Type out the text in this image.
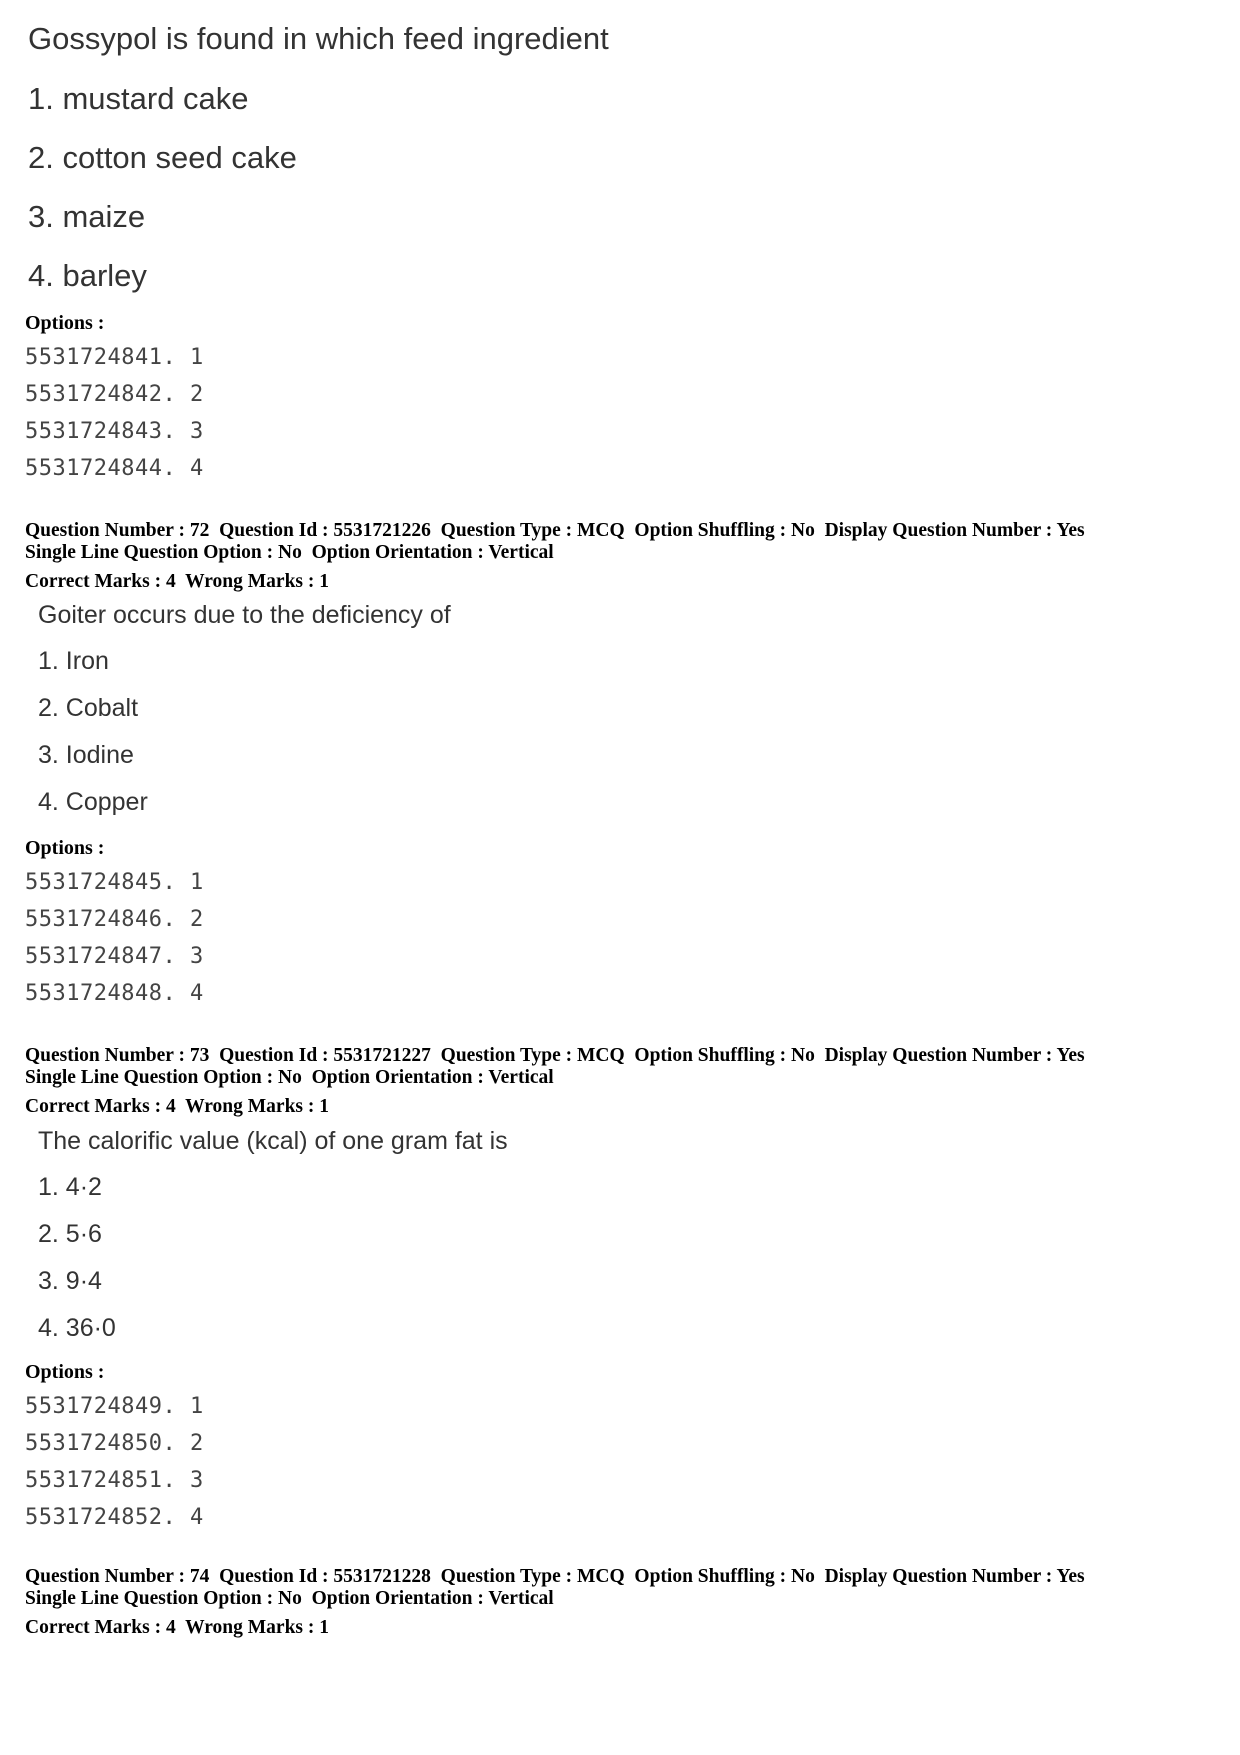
Gossypol is found in which feed ingredient

1. mustard cake

2. cotton seed cake

3. maize

4. barley

Options :

5531724841. 1

5531724842. 2

5531724843. 3

5531724844. 4

Question Number : 72  Question Id : 5531721226  Question Type : MCQ  Option Shuffling : No  Display Question Number : Yes

Single Line Question Option : No  Option Orientation : Vertical

Correct Marks : 4  Wrong Marks : 1

Goiter occurs due to the deficiency of

1. Iron

2. Cobalt

3. Iodine

4. Copper

Options :

5531724845. 1

5531724846. 2

5531724847. 3

5531724848. 4

Question Number : 73  Question Id : 5531721227  Question Type : MCQ  Option Shuffling : No  Display Question Number : Yes

Single Line Question Option : No  Option Orientation : Vertical

Correct Marks : 4  Wrong Marks : 1

The calorific value (kcal) of one gram fat is

1. 4·2

2. 5·6

3. 9·4

4. 36·0

Options :

5531724849. 1

5531724850. 2

5531724851. 3

5531724852. 4

Question Number : 74  Question Id : 5531721228  Question Type : MCQ  Option Shuffling : No  Display Question Number : Yes

Single Line Question Option : No  Option Orientation : Vertical

Correct Marks : 4  Wrong Marks : 1
